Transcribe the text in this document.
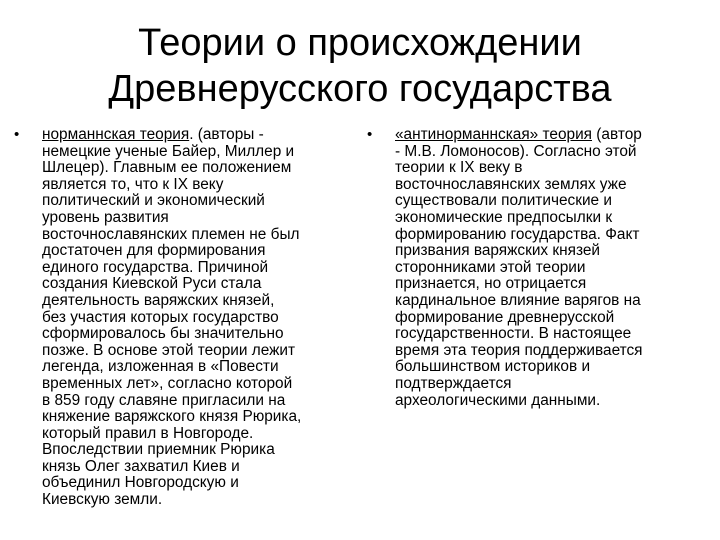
Теории о происхождении
Древнерусского государства
• норманнская теория. (авторы -
немецкие ученые Байер, Миллер и
Шлецер). Главным ее положением
является то, что к IX веку
политический и экономический
уровень развития
восточнославянских племен не был
достаточен для формирования
единого государства. Причиной
создания Киевской Руси стала
деятельность варяжских князей,
без участия которых государство
сформировалось бы значительно
позже. В основе этой теории лежит
легенда, изложенная в «Повести
временных лет», согласно которой
в 859 году славяне пригласили на
княжение варяжского князя Рюрика,
который правил в Новгороде.
Впоследствии приемник Рюрика
князь Олег захватил Киев и
объединил Новгородскую и
Киевскую земли.
• «антинорманнская» теория (автор
- М.В. Ломоносов). Согласно этой
теории к IX веку в
восточнославянских землях уже
существовали политические и
экономические предпосылки к
формированию государства. Факт
призвания варяжских князей
сторонниками этой теории
признается, но отрицается
кардинальное влияние варягов на
формирование древнерусской
государственности. В настоящее
время эта теория поддерживается
большинством историков и
подтверждается
археологическими данными.
